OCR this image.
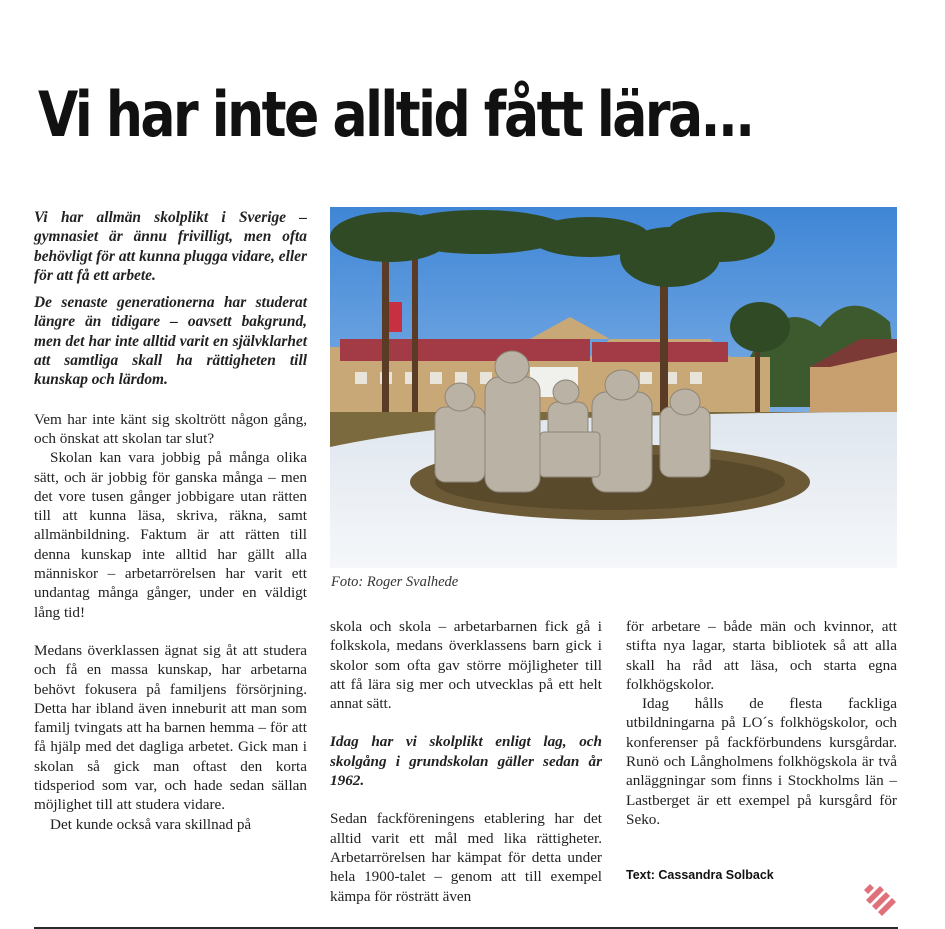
Vi har inte alltid fått lära...

Vi har allmän skolplikt i Sverige – gymnasiet är ännu frivilligt, men ofta behövligt för att kunna plugga vidare, eller för att få ett arbete.

De senaste generationerna har studerat längre än tidigare – oavsett bakgrund, men det har inte alltid varit en självklarhet att samtliga skall ha rättigheten till kunskap och lärdom.

Vem har inte känt sig skoltrött någon gång, och önskat att skolan tar slut?

Skolan kan vara jobbig på många olika sätt, och är jobbig för ganska många – men det vore tusen gånger jobbigare utan rätten till att kunna läsa, skriva, räkna, samt allmänbildning. Faktum är att rätten till denna kunskap inte alltid har gällt alla människor – arbetarrörelsen har varit ett undantag många gånger, under en väldigt lång tid!

Medans överklassen ägnat sig åt att studera och få en massa kunskap, har arbetarna behövt fokusera på familjens försörjning. Detta har ibland även inneburit att man som familj tvingats att ha barnen hemma – för att få hjälp med det dagliga arbetet. Gick man i skolan så gick man oftast den korta tidsperiod som var, och hade sedan sällan möjlighet till att studera vidare.

Det kunde också vara skillnad på

Foto: Roger Svalhede

skola och skola – arbetarbarnen fick gå i folkskola, medans överklassens barn gick i skolor som ofta gav större möjligheter till att få lära sig mer och utvecklas på ett helt annat sätt.

Idag har vi skolplikt enligt lag, och skolgång i grundskolan gäller sedan år 1962.

Sedan fackföreningens etablering har det alltid varit ett mål med lika rättigheter. Arbetarrörelsen har kämpat för detta under hela 1900-talet – genom att till exempel kämpa för rösträtt även

för arbetare – både män och kvinnor, att stifta nya lagar, starta bibliotek så att alla skall ha råd att läsa, och starta egna folkhögskolor.

Idag hålls de flesta fackliga utbildningarna på LO´s folkhögskolor, och konferenser på fackförbundens kursgårdar. Runö och Långholmens folkhögskola är två anläggningar som finns i Stockholms län – Lastberget är ett exempel på kursgård för Seko.

Text: Cassandra Solback
